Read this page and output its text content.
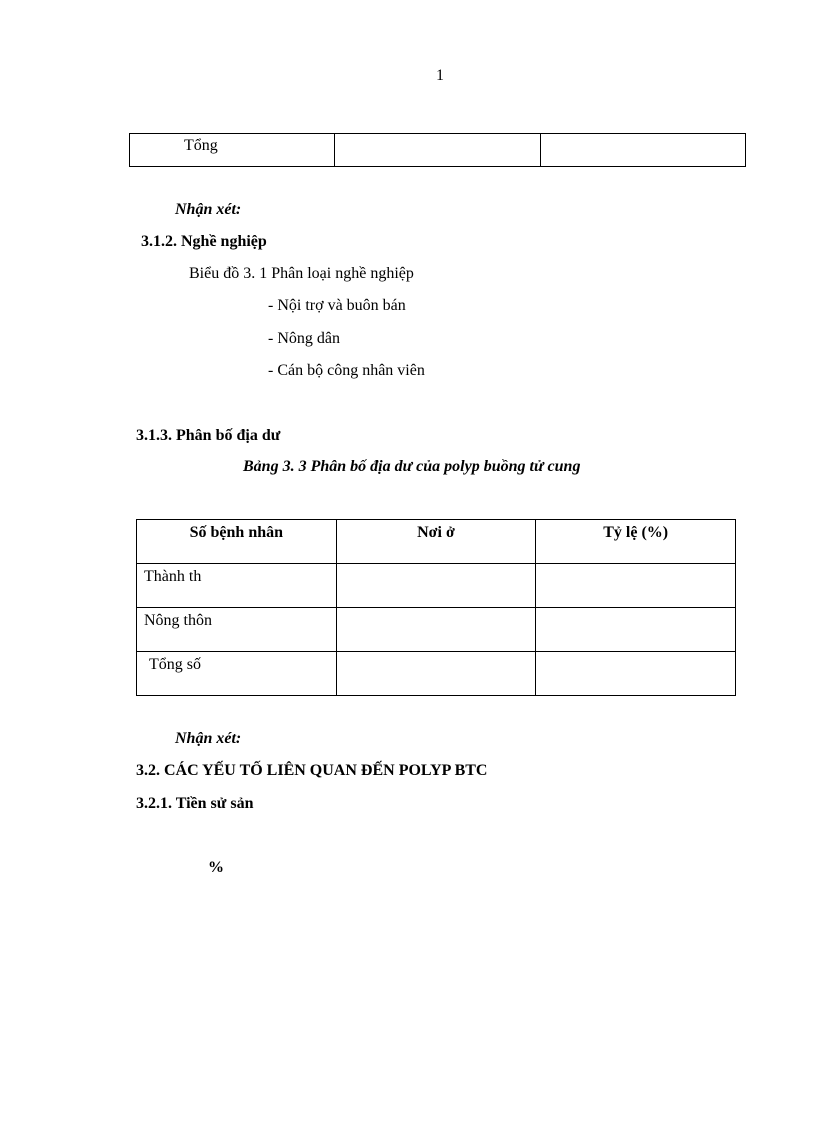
1
Tổng		
Nhận xét:
3.1.2. Nghề nghiệp
Biểu đồ 3. 1 Phân loại nghề nghiệp
- Nội trợ và buôn bán
- Nông dân
- Cán bộ công nhân viên
3.1.3. Phân bố địa dư
Bảng 3. 3 Phân bố địa dư của polyp buồng tử cung
Số bệnh nhân	Nơi ở	Tỷ lệ (%)
Thành th		
Nông thôn		
Tổng số		
Nhận xét:
3.2. CÁC YẾU TỐ LIÊN QUAN ĐẾN POLYP BTC
3.2.1. Tiền sử sản
%
